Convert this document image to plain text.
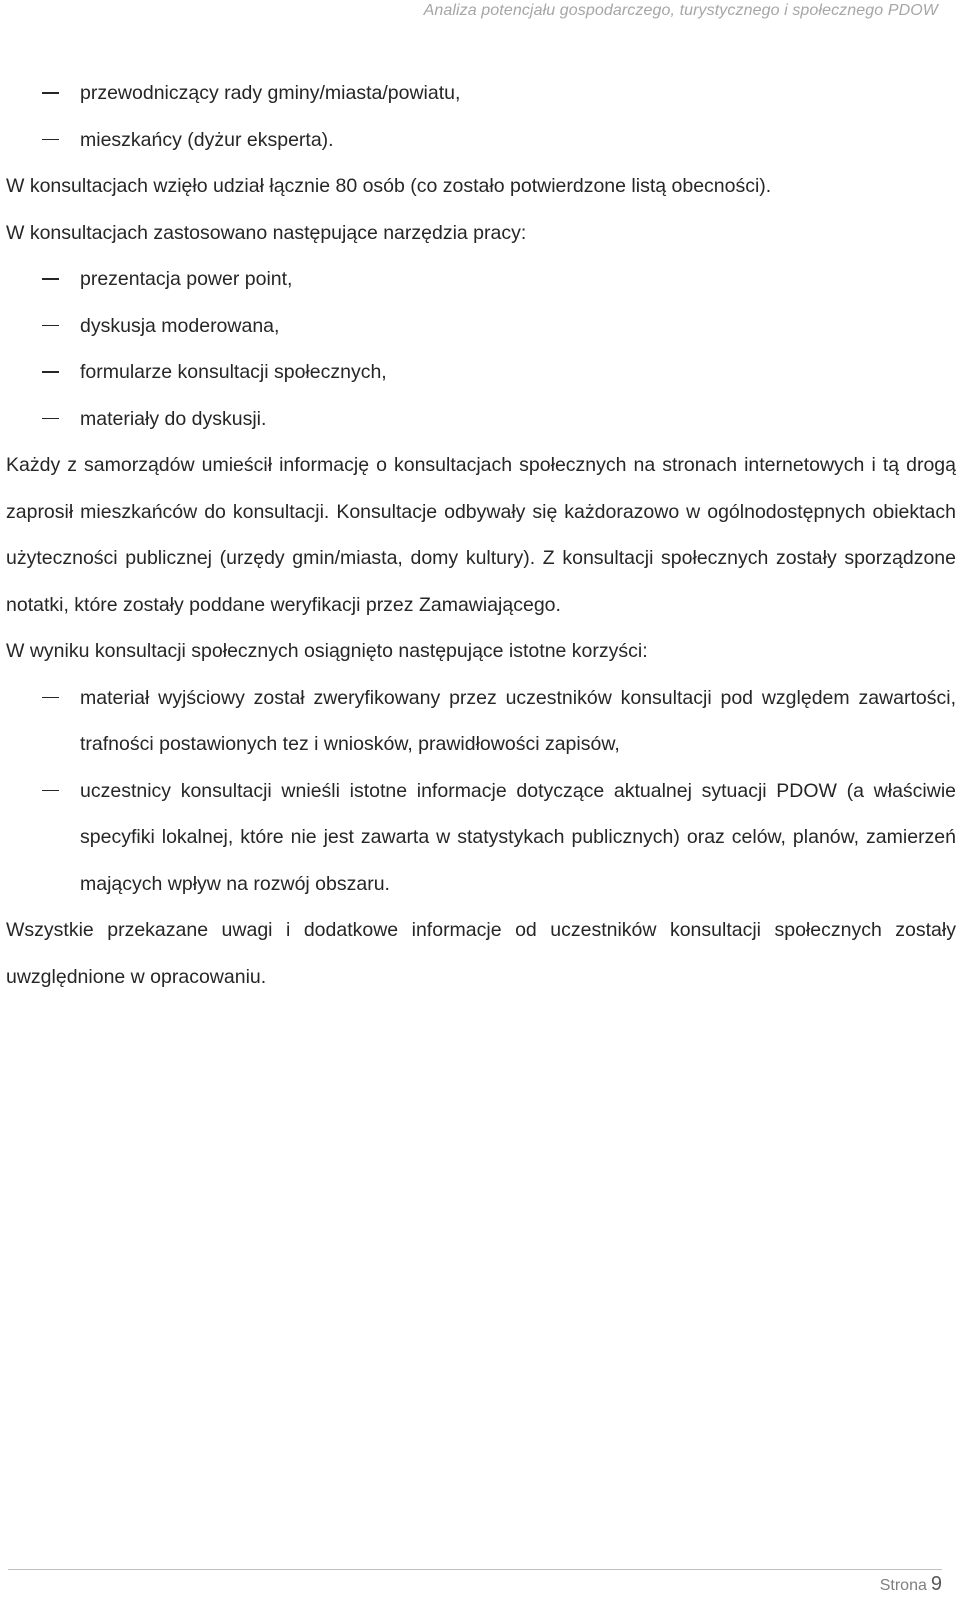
Analiza potencjału gospodarczego, turystycznego i społecznego PDOW
przewodniczący rady gminy/miasta/powiatu,
mieszkańcy (dyżur eksperta).

W konsultacjach wzięło udział łącznie 80 osób (co zostało potwierdzone listą obecności).

W konsultacjach zastosowano następujące narzędzia pracy:

prezentacja power point,
dyskusja moderowana,
formularze konsultacji społecznych,
materiały do dyskusji.

Każdy z samorządów umieścił informację o konsultacjach społecznych na stronach internetowych i tą drogą zaprosił mieszkańców do konsultacji. Konsultacje odbywały się każdorazowo w ogólnodostępnych obiektach użyteczności publicznej (urzędy gmin/miasta, domy kultury). Z konsultacji społecznych zostały sporządzone notatki, które zostały poddane weryfikacji przez Zamawiającego.

W wyniku konsultacji społecznych osiągnięto następujące istotne korzyści:

materiał wyjściowy został zweryfikowany przez uczestników konsultacji pod względem zawartości, trafności postawionych tez i wniosków, prawidłowości zapisów,
uczestnicy konsultacji wnieśli istotne informacje dotyczące aktualnej sytuacji PDOW (a właściwie specyfiki lokalnej, które nie jest zawarta w statystykach publicznych) oraz celów, planów, zamierzeń mających wpływ na rozwój obszaru.

Wszystkie przekazane uwagi i dodatkowe informacje od uczestników konsultacji społecznych zostały uwzględnione w opracowaniu.

Strona 9
